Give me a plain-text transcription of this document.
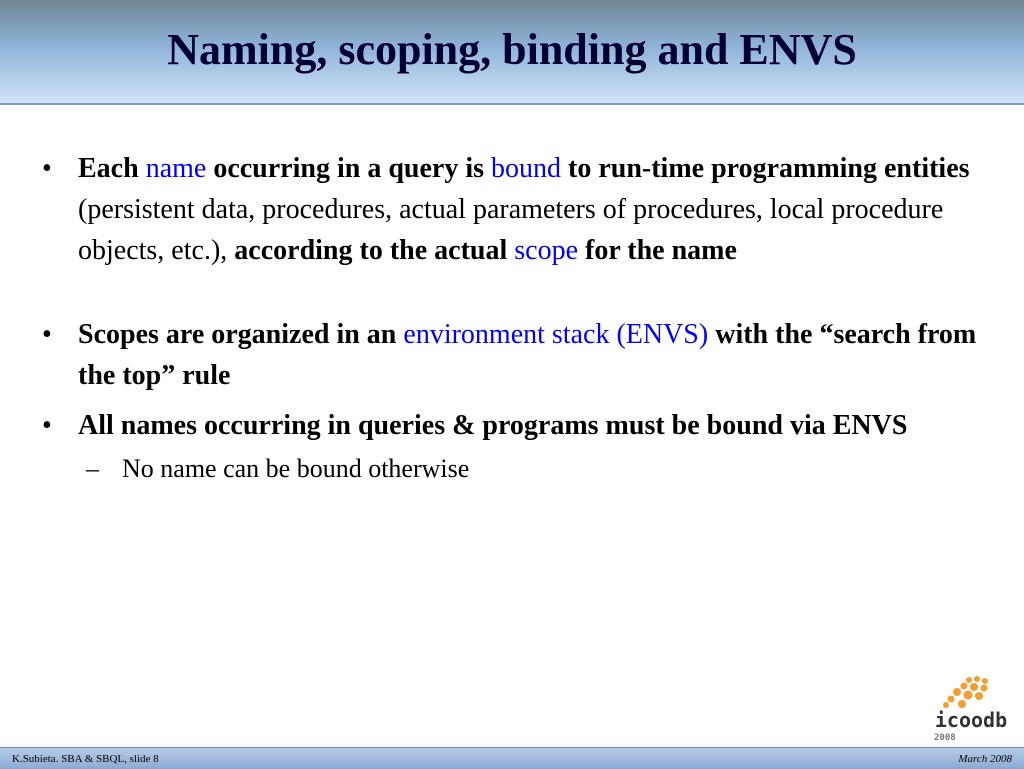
Naming, scoping, binding and ENVS
• Each name occurring in a query is bound to run-time programming entities (persistent data, procedures, actual parameters of procedures, local procedure objects, etc.), according to the actual scope for the name
• Scopes are organized in an environment stack (ENVS) with the “search from the top” rule
• All names occurring in queries & programs must be bound via ENVS
– No name can be bound otherwise
icoodb
2008
K.Subieta. SBA & SBQL, slide 8	March 2008
